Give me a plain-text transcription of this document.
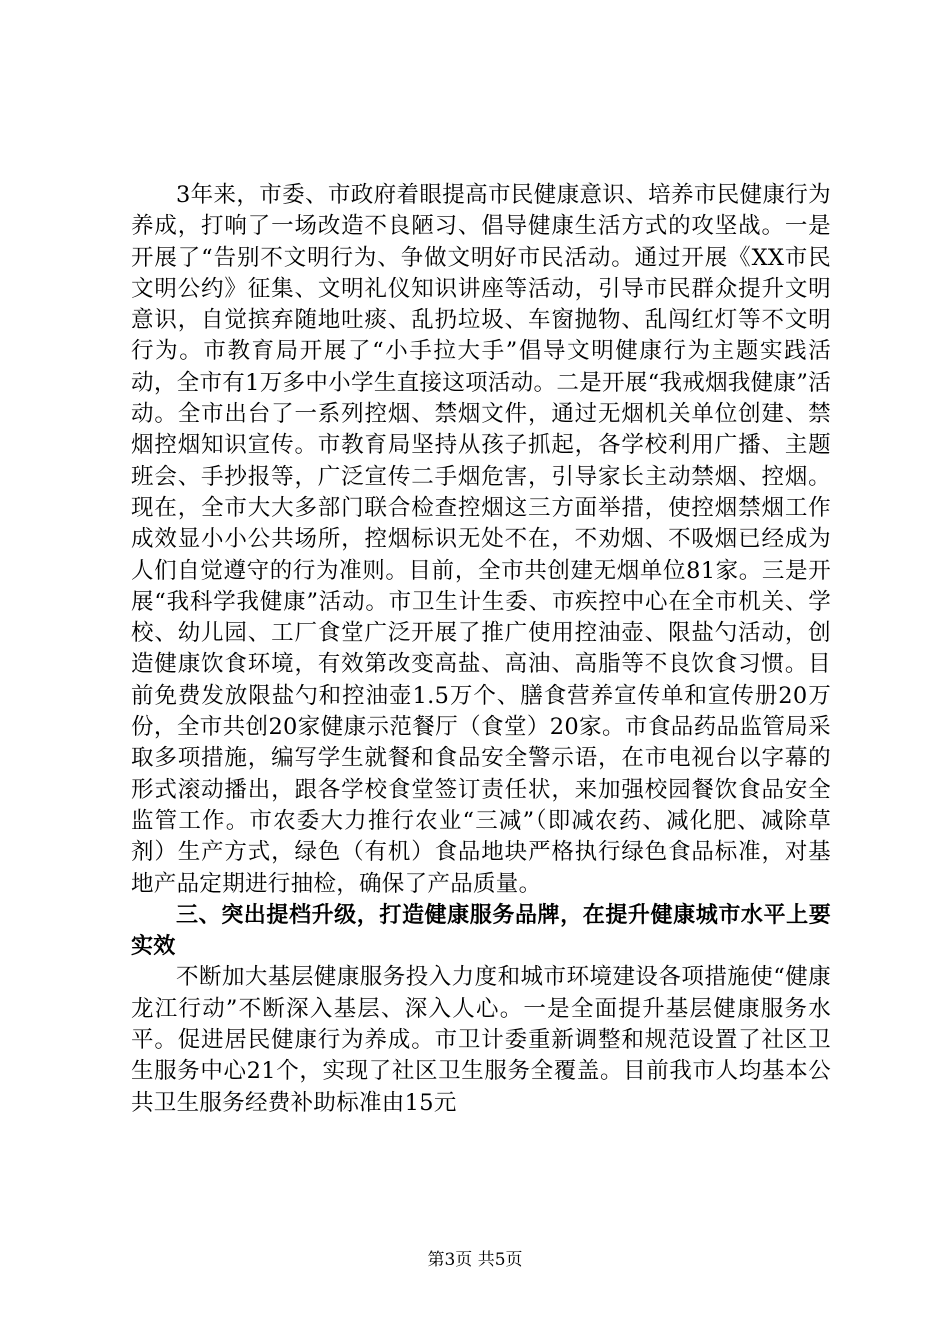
3年来，市委、市政府着眼提高市民健康意识、培养市民健康行为养成，打响了一场改造不良陋习、倡导健康生活方式的攻坚战。一是开展了“告别不文明行为、争做文明好市民活动。通过开展《XX市民文明公约》征集、文明礼仪知识讲座等活动，引导市民群众提升文明意识，自觉摈弃随地吐痰、乱扔垃圾、车窗抛物、乱闯红灯等不文明行为。市教育局开展了“小手拉大手”倡导文明健康行为主题实践活动，全市有1万多中小学生直接这项活动。二是开展“我戒烟我健康”活动。全市出台了一系列控烟、禁烟文件，通过无烟机关单位创建、禁烟控烟知识宣传。市教育局坚持从孩子抓起，各学校利用广播、主题班会、手抄报等，广泛宣传二手烟危害，引导家长主动禁烟、控烟。现在，全市大大多部门联合检查控烟这三方面举措，使控烟禁烟工作成效显小小公共场所，控烟标识无处不在，不劝烟、不吸烟已经成为人们自觉遵守的行为准则。目前，全市共创建无烟单位81家。三是开展“我科学我健康”活动。市卫生计生委、市疾控中心在全市机关、学校、幼儿园、工厂食堂广泛开展了推广使用控油壶、限盐勺活动，创造健康饮食环境，有效第改变高盐、高油、高脂等不良饮食习惯。目前免费发放限盐勺和控油壶1.5万个、膳食营养宣传单和宣传册20万份，全市共创20家健康示范餐厅（食堂）20家。市食品药品监管局采取多项措施，编写学生就餐和食品安全警示语，在市电视台以字幕的形式滚动播出，跟各学校食堂签订责任状，来加强校园餐饮食品安全监管工作。市农委大力推行农业“三减”（即减农药、减化肥、减除草剂）生产方式，绿色（有机）食品地块严格执行绿色食品标准，对基地产品定期进行抽检，确保了产品质量。

三、突出提档升级，打造健康服务品牌，在提升健康城市水平上要实效

不断加大基层健康服务投入力度和城市环境建设各项措施使“健康龙江行动”不断深入基层、深入人心。一是全面提升基层健康服务水平。促进居民健康行为养成。市卫计委重新调整和规范设置了社区卫生服务中心21个，实现了社区卫生服务全覆盖。目前我市人均基本公共卫生服务经费补助标准由15元

第3页 共5页
